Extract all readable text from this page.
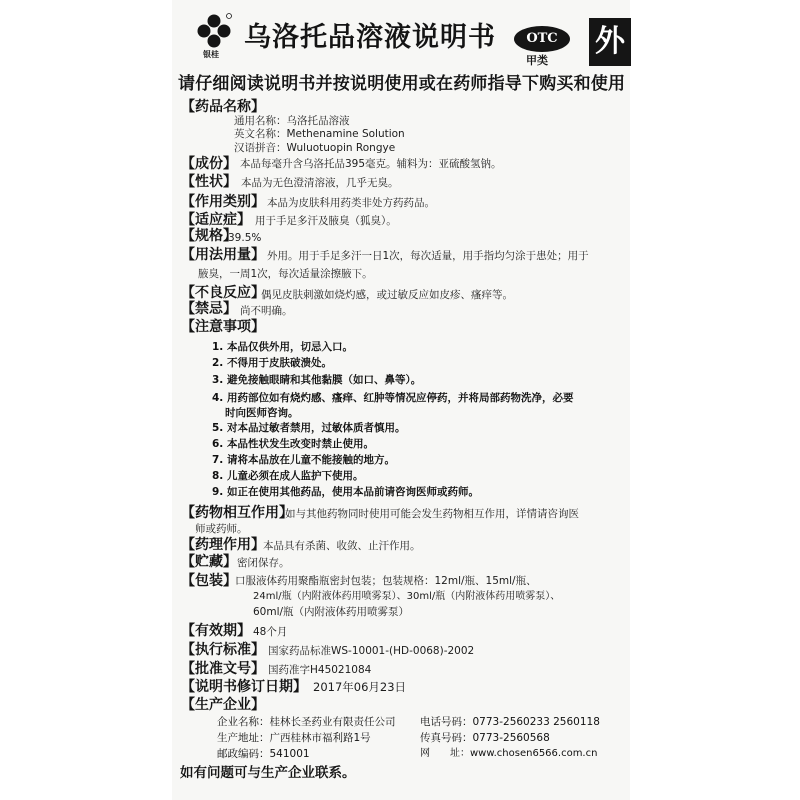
银桂
乌洛托品溶液说明书	OTC
甲类
外
请仔细阅读说明书并按说明使用或在药师指导下购买和使用
【药品名称】
通用名称：乌洛托品溶液
英文名称：Methenamine Solution
汉语拼音：Wuluotuopin Rongye
【成份】 本品每毫升含乌洛托品395毫克。辅料为：亚硫酸氢钠。
【性状】 本品为无色澄清溶液，几乎无臭。
【作用类别】 本品为皮肤科用药类非处方药药品。
【适应症】 用于手足多汗及腋臭（狐臭）。
【规格】
39.5%
【用法用量】 外用。用于手足多汗一日1次，每次适量，用手指均匀涂于患处；用于
腋臭，一周1次，每次适量涂擦腋下。
【不良反应】
偶见皮肤刺激如烧灼感，或过敏反应如皮疹、瘙痒等。
【禁忌】 尚不明确。
【注意事项】
1. 本品仅供外用，切忌入口。
2. 不得用于皮肤破溃处。
3. 避免接触眼睛和其他黏膜（如口、鼻等）。
4. 用药部位如有烧灼感、瘙痒、红肿等情况应停药，并将局部药物洗净，必要
时向医师咨询。
5. 对本品过敏者禁用，过敏体质者慎用。
6. 本品性状发生改变时禁止使用。
7. 请将本品放在儿童不能接触的地方。
8. 儿童必须在成人监护下使用。
9. 如正在使用其他药品，使用本品前请咨询医师或药师。
【药物相互作用】
如与其他药物同时使用可能会发生药物相互作用，详情请咨询医
师或药师。
【药理作用】
本品具有杀菌、收敛、止汗作用。
【贮藏】 密闭保存。
【包装】
口服液体药用聚酯瓶密封包装；包装规格：12ml/瓶、15ml/瓶、
24ml/瓶（内附液体药用喷雾泵）、30ml/瓶（内附液体药用喷雾泵）、
60ml/瓶（内附液体药用喷雾泵）
【有效期】 48个月
【执行标准】 国家药品标准WS-10001-(HD-0068)-2002
【批准文号】 国药准字H45021084
【说明书修订日期】 2017年06月23日
【生产企业】
企业名称：桂林长圣药业有限责任公司
生产地址：广西桂林市福利路1号
邮政编码：541001
电话号码：0773-2560233 2560118
传真号码：0773-2560568
网　　址：www.chosen6566.com.cn
如有问题可与生产企业联系。
